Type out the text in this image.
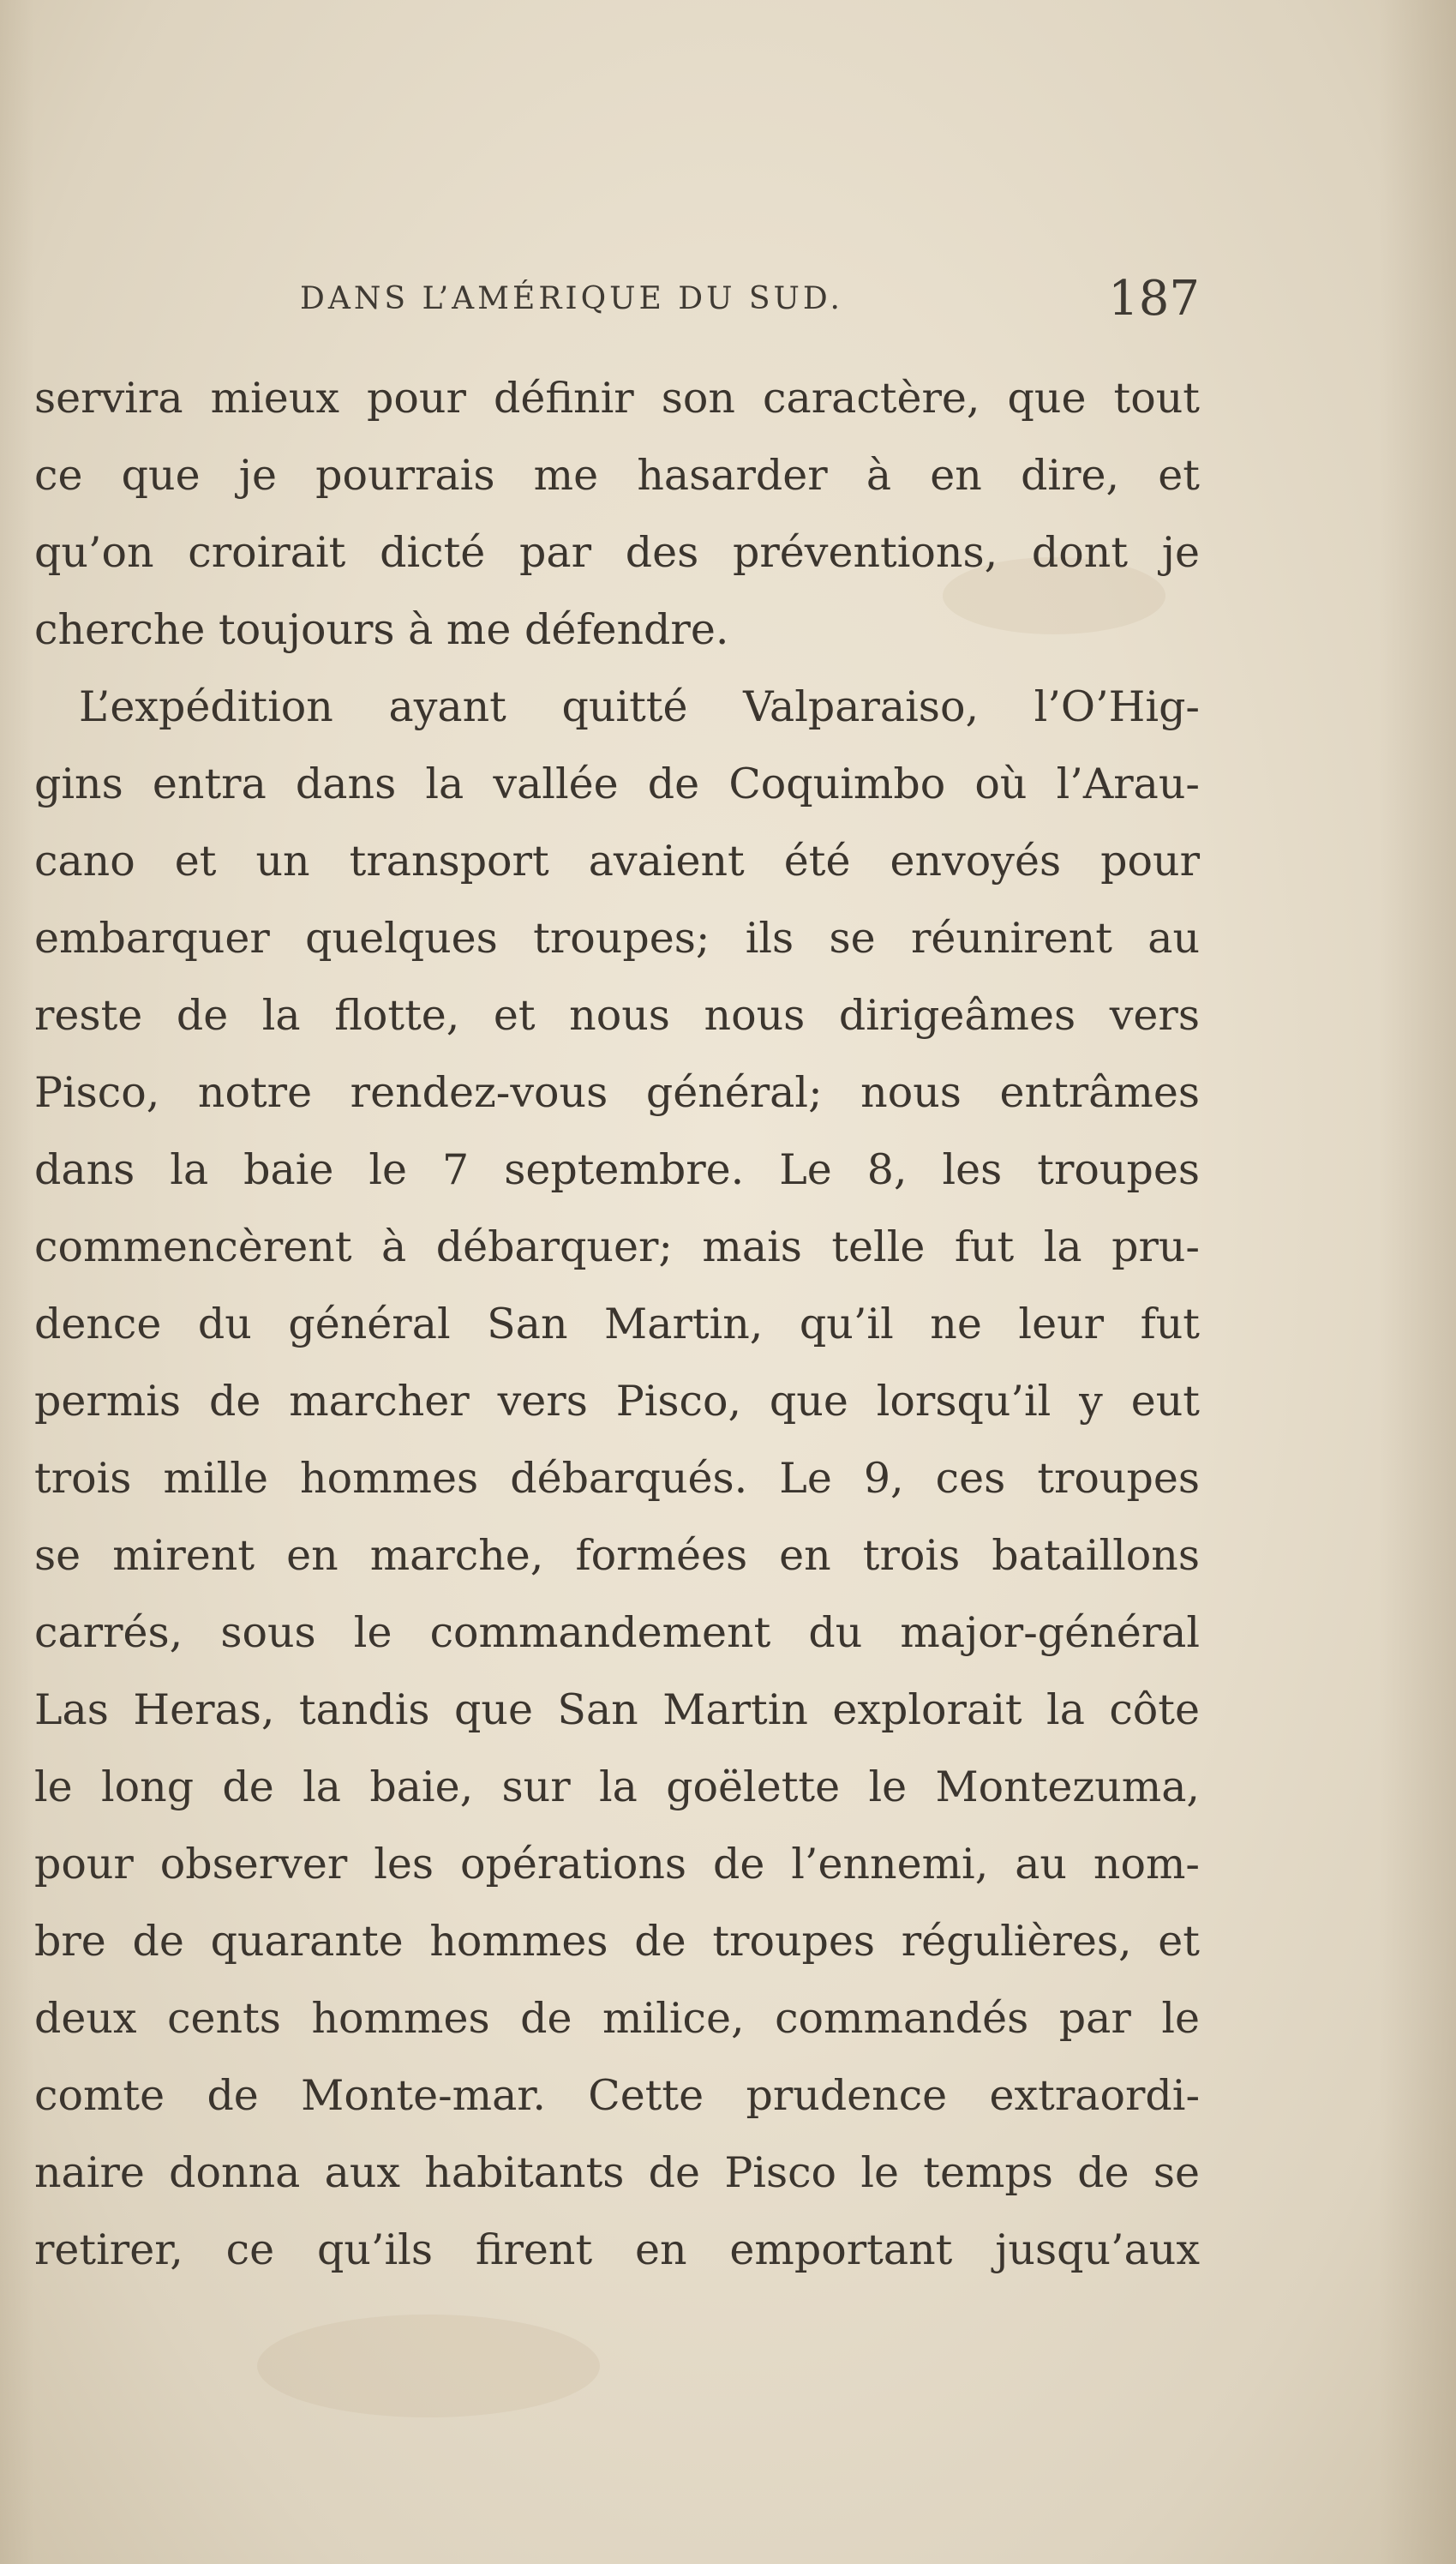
DANS L’AMÉRIQUE DU SUD.	187
servira mieux pour définir son caractère, que tout
ce que je pourrais me hasarder à en dire, et
qu’on croirait dicté par des préventions, dont je
cherche toujours à me défendre.
L’expédition ayant quitté Valparaiso, l’O’Hig-
gins entra dans la vallée de Coquimbo où l’Arau-
cano et un transport avaient été envoyés pour
embarquer quelques troupes; ils se réunirent au
reste de la flotte, et nous nous dirigeâmes vers
Pisco, notre rendez-vous général; nous entrâmes
dans la baie le 7 septembre. Le 8, les troupes
commencèrent à débarquer; mais telle fut la pru-
dence du général San Martin, qu’il ne leur fut
permis de marcher vers Pisco, que lorsqu’il y eut
trois mille hommes débarqués. Le 9, ces troupes
se mirent en marche, formées en trois bataillons
carrés, sous le commandement du major-général
Las Heras, tandis que San Martin explorait la côte
le long de la baie, sur la goëlette le Montezuma,
pour observer les opérations de l’ennemi, au nom-
bre de quarante hommes de troupes régulières, et
deux cents hommes de milice, commandés par le
comte de Monte-mar. Cette prudence extraordi-
naire donna aux habitants de Pisco le temps de se
retirer, ce qu’ils firent en emportant jusqu’aux
